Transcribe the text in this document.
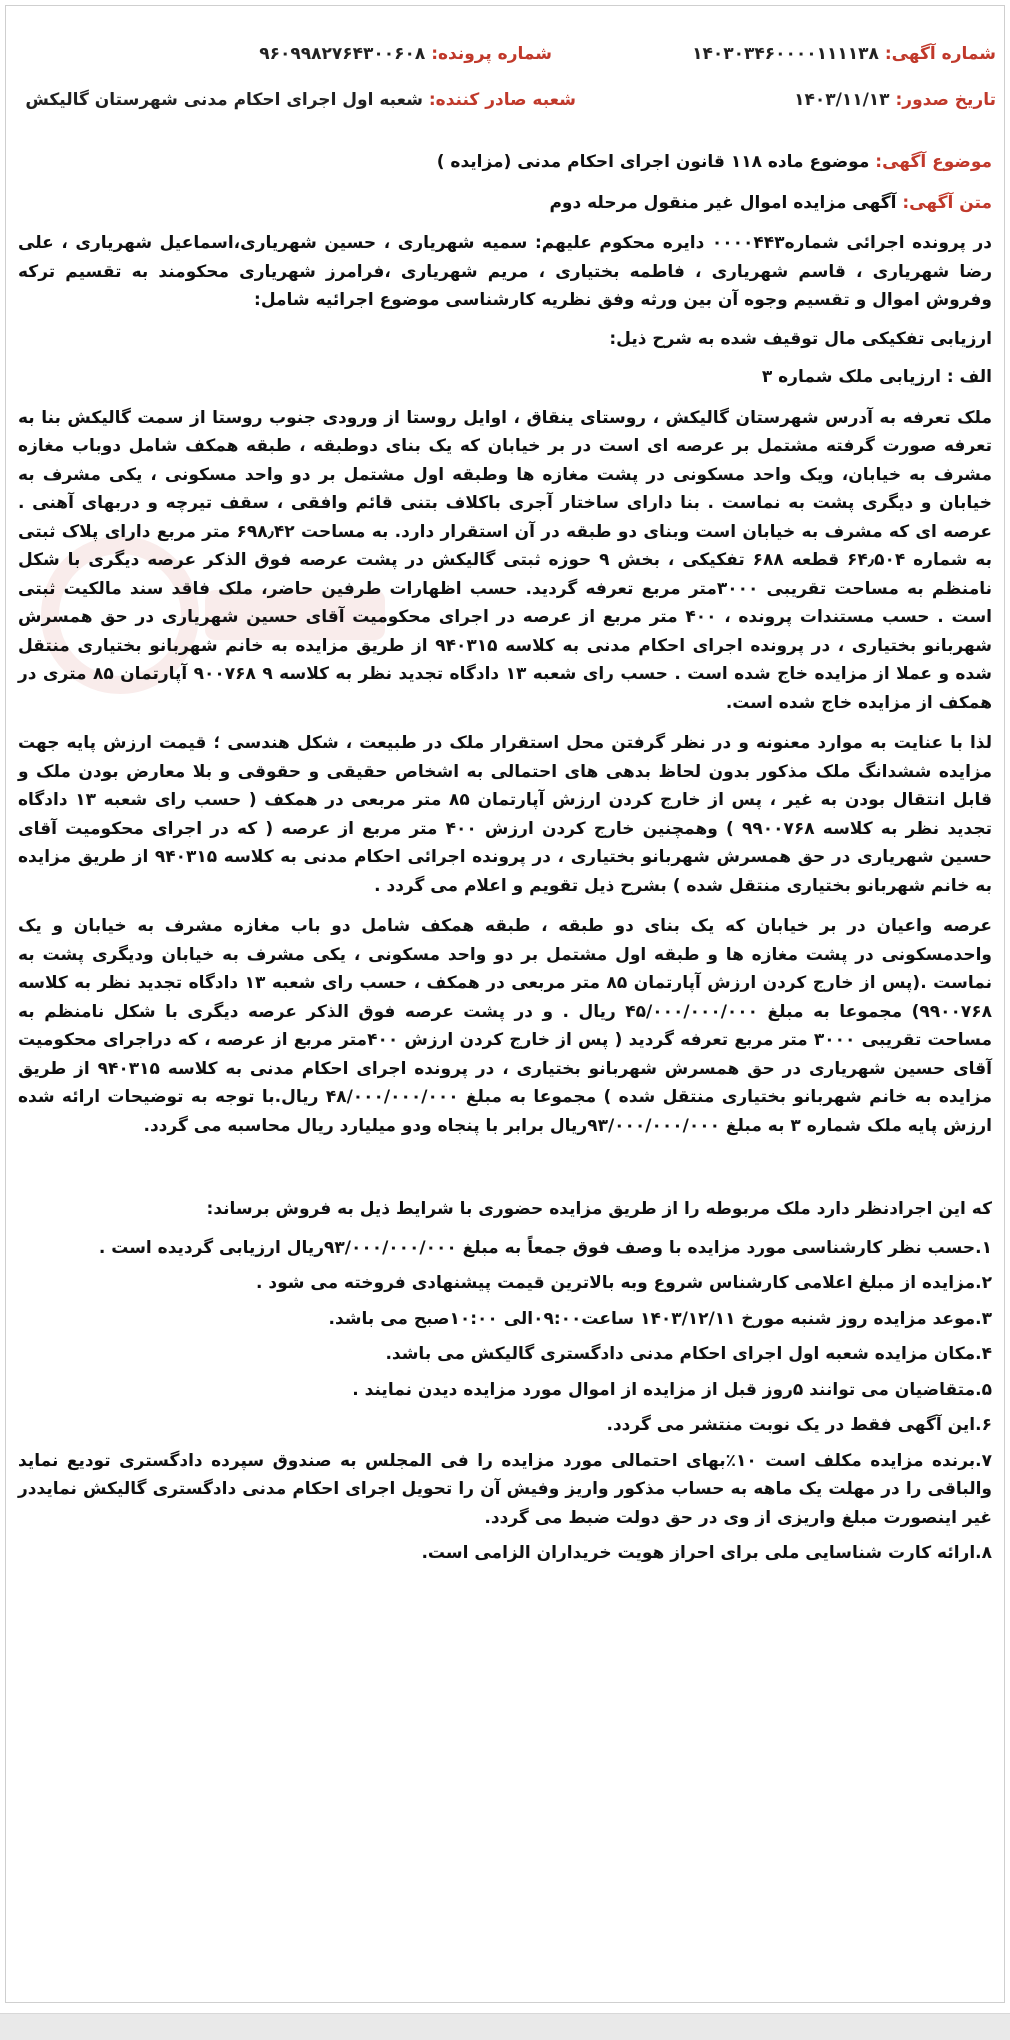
شماره آگهی: ۱۴۰۳۰۳۴۶۰۰۰۰۱۱۱۱۳۸
شماره پرونده: ۹۶۰۹۹۸۲۷۶۴۳۰۰۶۰۸
تاریخ صدور: ۱۴۰۳/۱۱/۱۳
شعبه صادر کننده: شعبه اول اجرای احکام مدنی شهرستان گالیکش

موضوع آگهی: موضوع ماده ۱۱۸ قانون اجرای احکام مدنی (مزایده )

متن آگهی: آگهی مزایده اموال غیر منقول مرحله دوم

در پرونده اجرائی شماره۰۰۰۰۴۴۳ دایره محکوم علیهم: سمیه شهریاری ، حسین شهریاری،اسماعیل شهریاری ، علی رضا شهریاری ، قاسم شهریاری ، فاطمه بختیاری ، مریم شهریاری ،فرامرز شهریاری محکومند به تقسیم ترکه وفروش اموال و تقسیم وجوه آن بین ورثه وفق نظریه کارشناسی موضوع اجرائیه شامل:

ارزیابی تفکیکی مال توقیف شده به شرح ذیل:

الف : ارزیابی ملک شماره ۳

ملک تعرفه به آدرس شهرستان گالیکش ، روستای ینقاق ، اوایل روستا از ورودی جنوب روستا از سمت گالیکش بنا به تعرفه صورت گرفته مشتمل بر عرصه ای است در بر خیابان که یک بنای دوطبقه ، طبقه همکف شامل دوباب مغازه مشرف به خیابان، ویک واحد مسکونی در پشت مغازه ها وطبقه اول مشتمل بر دو واحد مسکونی ، یکی مشرف به خیابان و دیگری پشت به نماست . بنا دارای ساختار آجری باکلاف بتنی قائم وافقی ، سقف تیرچه و دربهای آهنی . عرصه ای که مشرف به خیابان است وبنای دو طبقه در آن استقرار دارد. به مساحت ۶۹۸٫۴۲ متر مربع دارای پلاک ثبتی به شماره ۶۴٫۵۰۴ قطعه ۶۸۸ تفکیکی ، بخش ۹ حوزه ثبتی گالیکش در پشت عرصه فوق الذکر عرصه دیگری با شکل نامنظم به مساحت تقریبی ۳۰۰۰متر مربع تعرفه گردید. حسب اظهارات طرفین حاضر، ملک فاقد سند مالکیت ثبتی است . حسب مستندات پرونده ، ۴۰۰ متر مربع از عرصه در اجرای محکومیت آقای حسین شهریاری در حق همسرش شهربانو بختیاری ، در پرونده اجرای احکام مدنی به کلاسه ۹۴۰۳۱۵ از طریق مزایده به خانم شهربانو بختیاری منتقل شده و عملا از مزایده خاج شده است . حسب رای شعبه ۱۳ دادگاه تجدید نظر به کلاسه ۹ ۹۰۰۷۶۸ آپارتمان ۸۵ متری در همکف از مزایده خاج شده است.

لذا با عنایت به موارد معنونه و در نظر گرفتن محل استقرار ملک در طبیعت ، شکل هندسی ؛ قیمت ارزش پایه جهت مزایده ششدانگ ملک مذکور بدون لحاظ بدهی های احتمالی به اشخاص حقیقی و حقوقی و بلا معارض بودن ملک و قابل انتقال بودن به غیر ، پس از خارج کردن ارزش آپارتمان ۸۵ متر مربعی در همکف ( حسب رای شعبه ۱۳ دادگاه تجدید نظر به کلاسه ۹۹۰۰۷۶۸ ) وهمچنین خارج کردن ارزش ۴۰۰ متر مربع از عرصه ( که در اجرای محکومیت آقای حسین شهریاری در حق همسرش شهربانو بختیاری ، در پرونده اجرائی احکام مدنی به کلاسه ۹۴۰۳۱۵ از طریق مزایده به خانم شهربانو بختیاری منتقل شده ) بشرح ذیل تقویم و اعلام می گردد .

عرصه واعیان در بر خیابان که یک بنای دو طبقه ، طبقه همکف شامل دو باب مغازه مشرف به خیابان و یک واحدمسکونی در پشت مغازه ها و طبقه اول مشتمل بر دو واحد مسکونی ، یکی مشرف به خیابان ودیگری پشت به نماست .(پس از خارج کردن ارزش آپارتمان ۸۵ متر مربعی در همکف ، حسب رای شعبه ۱۳ دادگاه تجدید نظر به کلاسه ۹۹۰۰۷۶۸) مجموعا به مبلغ ۴۵/۰۰۰/۰۰۰/۰۰۰ ریال . و در پشت عرصه فوق الذکر عرصه دیگری با شکل نامنظم به مساحت تقریبی ۳۰۰۰ متر مربع تعرفه گردید ( پس از خارج کردن ارزش ۴۰۰متر مربع از عرصه ، که دراجرای محکومیت آقای حسین شهریاری در حق همسرش شهربانو بختیاری ، در پرونده اجرای احکام مدنی به کلاسه ۹۴۰۳۱۵ از طریق مزایده به خانم شهربانو بختیاری منتقل شده ) مجموعا به مبلغ ۴۸/۰۰۰/۰۰۰/۰۰۰ ریال.با توجه به توضیحات ارائه شده ارزش پایه ملک شماره ۳ به مبلغ ۹۳/۰۰۰/۰۰۰/۰۰۰ریال برابر با پنجاه ودو میلیارد ریال محاسبه می گردد.

که این اجرادنظر دارد ملک مربوطه را از طریق مزایده حضوری با شرایط ذیل به فروش برساند:

۱.حسب نظر کارشناسی مورد مزایده با وصف فوق جمعاً به مبلغ ۹۳/۰۰۰/۰۰۰/۰۰۰ریال ارزیابی گردیده است .

۲.مزایده از مبلغ اعلامی کارشناس شروع وبه بالاترین قیمت پیشنهادی فروخته می شود .

۳.موعد مزایده روز شنبه مورخ ۱۴۰۳/۱۲/۱۱ ساعت۰۹:۰۰الی ۱۰:۰۰صبح می باشد.

۴.مکان مزایده شعبه اول اجرای احکام مدنی دادگستری گالیکش می باشد.

۵.متقاضیان می توانند ۵روز قبل از مزایده از اموال مورد مزایده دیدن نمایند .

۶.این آگهی فقط در یک نوبت منتشر می گردد.

۷.برنده مزایده مکلف است ۱۰٪بهای احتمالی مورد مزایده را فی المجلس به صندوق سپرده دادگستری تودیع نماید والباقی را در مهلت یک ماهه به حساب مذکور واریز وفیش آن را تحویل اجرای احکام مدنی دادگستری گالیکش نمایددر غیر اینصورت مبلغ واریزی از وی در حق دولت ضبط می گردد.

۸.ارائه کارت شناسایی ملی برای احراز هویت خریداران الزامی است.
